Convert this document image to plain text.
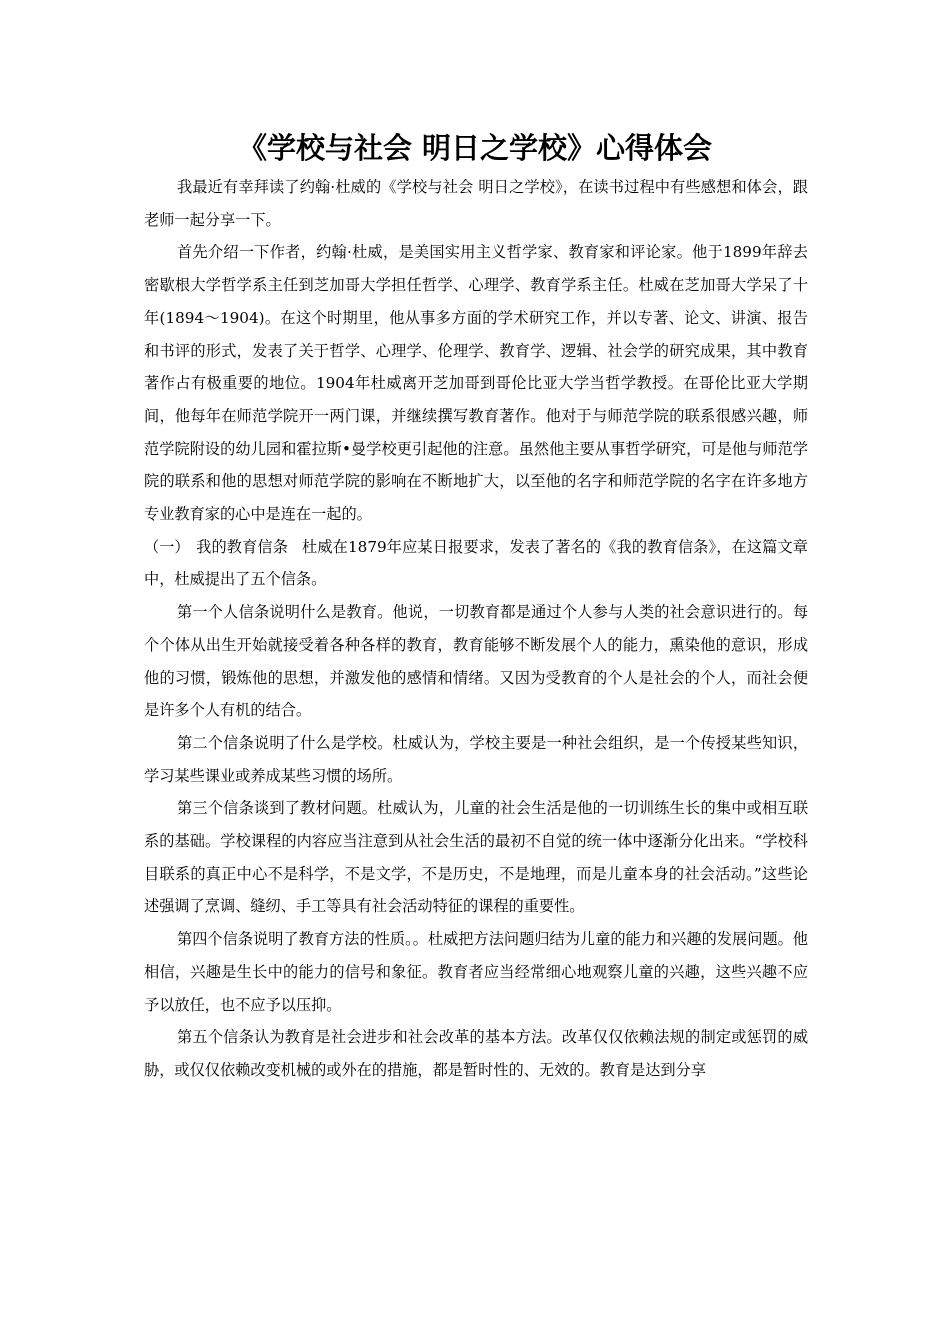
《学校与社会 明日之学校》心得体会

我最近有幸拜读了约翰·杜威的《学校与社会 明日之学校》，在读书过程中有些感想和体会，跟老师一起分享一下。

首先介绍一下作者，约翰·杜威，是美国实用主义哲学家、教育家和评论家。他于1899年辞去密歇根大学哲学系主任到芝加哥大学担任哲学、心理学、教育学系主任。杜威在芝加哥大学呆了十年(1894～1904)。在这个时期里，他从事多方面的学术研究工作，并以专著、论文、讲演、报告和书评的形式，发表了关于哲学、心理学、伦理学、教育学、逻辑、社会学的研究成果，其中教育著作占有极重要的地位。1904年杜威离开芝加哥到哥伦比亚大学当哲学教授。在哥伦比亚大学期间，他每年在师范学院开一两门课，并继续撰写教育著作。他对于与师范学院的联系很感兴趣，师范学院附设的幼儿园和霍拉斯•曼学校更引起他的注意。虽然他主要从事哲学研究，可是他与师范学院的联系和他的思想对师范学院的影响在不断地扩大，以至他的名字和师范学院的名字在许多地方专业教育家的心中是连在一起的。

（一） 我的教育信条 杜威在1879年应某日报要求，发表了著名的《我的教育信条》，在这篇文章中，杜威提出了五个信条。

第一个人信条说明什么是教育。他说，一切教育都是通过个人参与人类的社会意识进行的。每个个体从出生开始就接受着各种各样的教育，教育能够不断发展个人的能力，熏染他的意识，形成他的习惯，锻炼他的思想，并激发他的感情和情绪。又因为受教育的个人是社会的个人，而社会便是许多个人有机的结合。

第二个信条说明了什么是学校。杜威认为，学校主要是一种社会组织，是一个传授某些知识，学习某些课业或养成某些习惯的场所。

第三个信条谈到了教材问题。杜威认为，儿童的社会生活是他的一切训练生长的集中或相互联系的基础。学校课程的内容应当注意到从社会生活的最初不自觉的统一体中逐渐分化出来。“学校科目联系的真正中心不是科学，不是文学，不是历史，不是地理，而是儿童本身的社会活动。”这些论述强调了烹调、缝纫、手工等具有社会活动特征的课程的重要性。

第四个信条说明了教育方法的性质。。杜威把方法问题归结为儿童的能力和兴趣的发展问题。他相信，兴趣是生长中的能力的信号和象征。教育者应当经常细心地观察儿童的兴趣，这些兴趣不应予以放任，也不应予以压抑。

第五个信条认为教育是社会进步和社会改革的基本方法。改革仅仅依赖法规的制定或惩罚的威胁，或仅仅依赖改变机械的或外在的措施，都是暂时性的、无效的。教育是达到分享
